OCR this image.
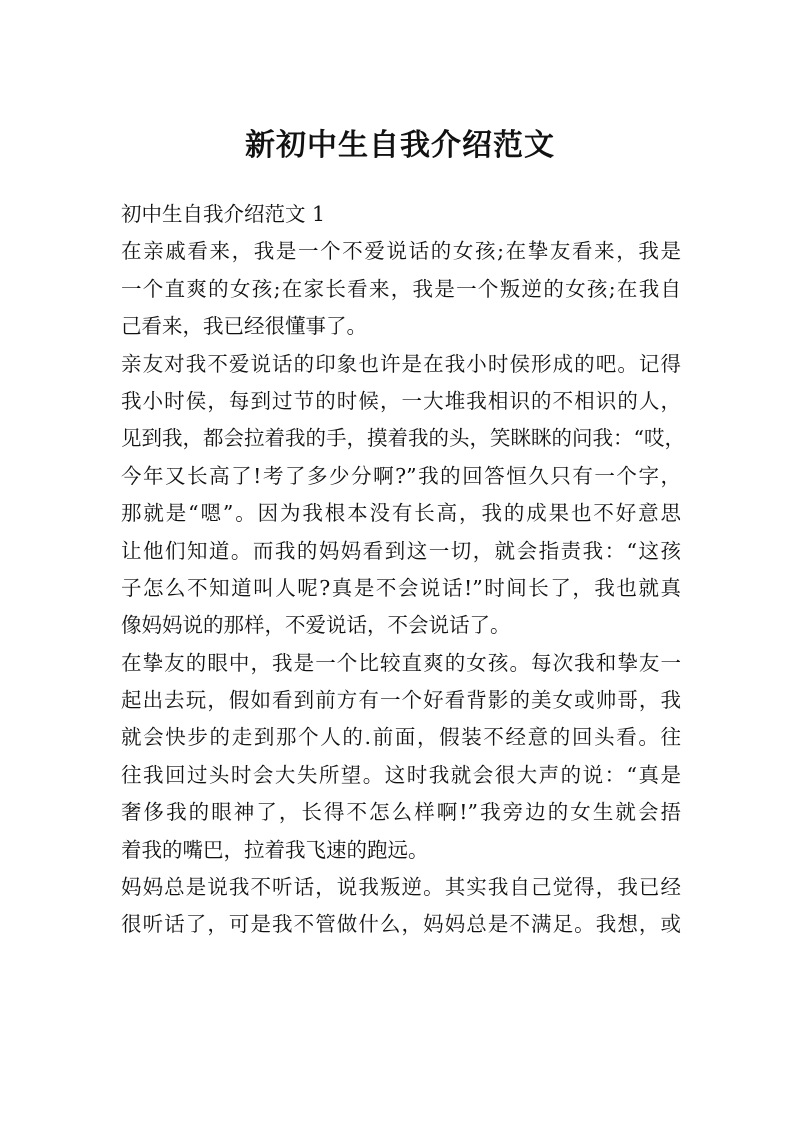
新初中生自我介绍范文
初中生自我介绍范文 1
在亲戚看来，我是一个不爱说话的女孩;在挚友看来，我是
一个直爽的女孩;在家长看来，我是一个叛逆的女孩;在我自
己看来，我已经很懂事了。
亲友对我不爱说话的印象也许是在我小时侯形成的吧。记得
我小时侯，每到过节的时候，一大堆我相识的不相识的人，
见到我，都会拉着我的手，摸着我的头，笑眯眯的问我：“哎，
今年又长高了!考了多少分啊?”我的回答恒久只有一个字，
那就是“嗯”。因为我根本没有长高，我的成果也不好意思
让他们知道。而我的妈妈看到这一切，就会指责我：“这孩
子怎么不知道叫人呢?真是不会说话!”时间长了，我也就真
像妈妈说的那样，不爱说话，不会说话了。
在挚友的眼中，我是一个比较直爽的女孩。每次我和挚友一
起出去玩，假如看到前方有一个好看背影的美女或帅哥，我
就会快步的走到那个人的.前面，假装不经意的回头看。往
往我回过头时会大失所望。这时我就会很大声的说：“真是
奢侈我的眼神了，长得不怎么样啊!”我旁边的女生就会捂
着我的嘴巴，拉着我飞速的跑远。
妈妈总是说我不听话，说我叛逆。其实我自己觉得，我已经
很听话了，可是我不管做什么，妈妈总是不满足。我想，或
